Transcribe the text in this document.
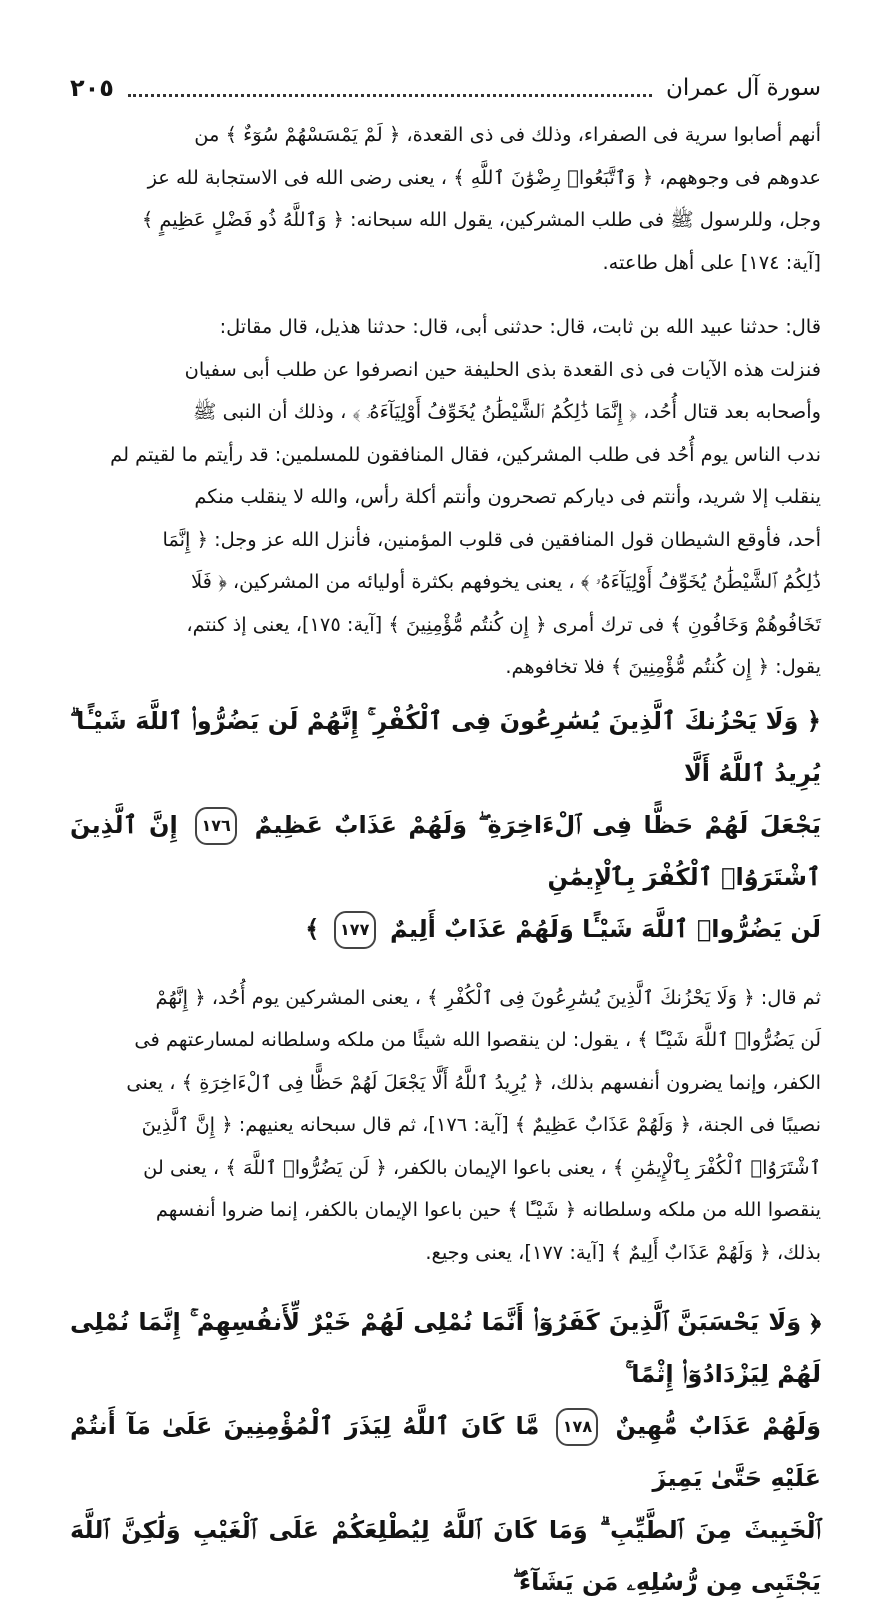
سورة آل عمران
٢٠٥
أنهم أصابوا سرية فى الصفراء، وذلك فى ذى القعدة، ﴿ لَمْ يَمْسَسْهُمْ سُوٓءٌ ﴾ من
عدوهم فى وجوههم، ﴿ وَٱتَّبَعُوا۟ رِضْوَٰنَ ٱللَّهِ ﴾ ، يعنى رضى الله فى الاستجابة لله عز
وجل، وللرسول ﷺ فى طلب المشركين، يقول الله سبحانه: ﴿ وَٱللَّهُ ذُو فَضْلٍ عَظِيمٍ ﴾
[آية: ١٧٤] على أهل طاعته.
قال: حدثنا عبيد الله بن ثابت، قال: حدثنى أبى، قال: حدثنا هذيل، قال مقاتل:
فنزلت هذه الآيات فى ذى القعدة بذى الحليفة حين انصرفوا عن طلب أبى سفيان
وأصحابه بعد قتال أُحُد، ﴿ إِنَّمَا ذَٰلِكُمُ ٱلشَّيْطَٰنُ يُخَوِّفُ أَوْلِيَآءَهُۥ ﴾ ، وذلك أن النبى ﷺ
ندب الناس يوم أُحُد فى طلب المشركين، فقال المنافقون للمسلمين: قد رأيتم ما لقيتم لم
ينقلب إلا شريد، وأنتم فى دياركم تصحرون وأنتم أكلة رأس، والله لا ينقلب منكم
أحد، فأوقع الشيطان قول المنافقين فى قلوب المؤمنين، فأنزل الله عز وجل: ﴿ إِنَّمَا
ذَٰلِكُمُ ٱلشَّيْطَٰنُ يُخَوِّفُ أَوْلِيَآءَهُۥ ﴾ ، يعنى يخوفهم بكثرة أوليائه من المشركين، ﴿ فَلَا
تَخَافُوهُمْ وَخَافُونِ ﴾ فى ترك أمرى ﴿ إِن كُنتُم مُّؤْمِنِينَ ﴾ [آية: ١٧٥]، يعنى إذ كنتم،
يقول: ﴿ إِن كُنتُم مُّؤْمِنِينَ ﴾ فلا تخافوهم.
﴿ وَلَا يَحْزُنكَ ٱلَّذِينَ يُسَٰرِعُونَ فِى ٱلْكُفْرِ ۚ إِنَّهُمْ لَن يَضُرُّوا۟ ٱللَّهَ شَيْـًٔا ۗ يُرِيدُ ٱللَّهُ أَلَّا
يَجْعَلَ لَهُمْ حَظًّا فِى ٱلْءَاخِرَةِ ۖ وَلَهُمْ عَذَابٌ عَظِيمٌ ١٧٦ إِنَّ ٱلَّذِينَ ٱشْتَرَوُا۟ ٱلْكُفْرَ بِٱلْإِيمَٰنِ
لَن يَضُرُّوا۟ ٱللَّهَ شَيْـًٔا وَلَهُمْ عَذَابٌ أَلِيمٌ ١٧٧ ﴾
ثم قال: ﴿ وَلَا يَحْزُنكَ ٱلَّذِينَ يُسَٰرِعُونَ فِى ٱلْكُفْرِ ﴾ ، يعنى المشركين يوم أُحُد، ﴿ إِنَّهُمْ
لَن يَضُرُّوا۟ ٱللَّهَ شَيْـًٔا ﴾ ، يقول: لن ينقصوا الله شيئًا من ملكه وسلطانه لمسارعتهم فى
الكفر، وإنما يضرون أنفسهم بذلك، ﴿ يُرِيدُ ٱللَّهُ أَلَّا يَجْعَلَ لَهُمْ حَظًّا فِى ٱلْءَاخِرَةِ ﴾ ، يعنى
نصيبًا فى الجنة، ﴿ وَلَهُمْ عَذَابٌ عَظِيمٌ ﴾ [آية: ١٧٦]، ثم قال سبحانه يعنيهم: ﴿ إِنَّ ٱلَّذِينَ
ٱشْتَرَوُا۟ ٱلْكُفْرَ بِٱلْإِيمَٰنِ ﴾ ، يعنى باعوا الإيمان بالكفر، ﴿ لَن يَضُرُّوا۟ ٱللَّهَ ﴾ ، يعنى لن
ينقصوا الله من ملكه وسلطانه ﴿ شَيْـًٔا ﴾ حين باعوا الإيمان بالكفر، إنما ضروا أنفسهم
بذلك، ﴿ وَلَهُمْ عَذَابٌ أَلِيمٌ ﴾ [آية: ١٧٧]، يعنى وجيع.
﴿ وَلَا يَحْسَبَنَّ ٱلَّذِينَ كَفَرُوٓا۟ أَنَّمَا نُمْلِى لَهُمْ خَيْرٌ لِّأَنفُسِهِمْ ۚ إِنَّمَا نُمْلِى لَهُمْ لِيَزْدَادُوٓا۟ إِثْمًا ۚ
وَلَهُمْ عَذَابٌ مُّهِينٌ ١٧٨ مَّا كَانَ ٱللَّهُ لِيَذَرَ ٱلْمُؤْمِنِينَ عَلَىٰ مَآ أَنتُمْ عَلَيْهِ حَتَّىٰ يَمِيزَ
ٱلْخَبِيثَ مِنَ ٱلطَّيِّبِ ۗ وَمَا كَانَ ٱللَّهُ لِيُطْلِعَكُمْ عَلَى ٱلْغَيْبِ وَلَٰكِنَّ ٱللَّهَ يَجْتَبِى مِن رُّسُلِهِۦ مَن يَشَآءُ ۖ
